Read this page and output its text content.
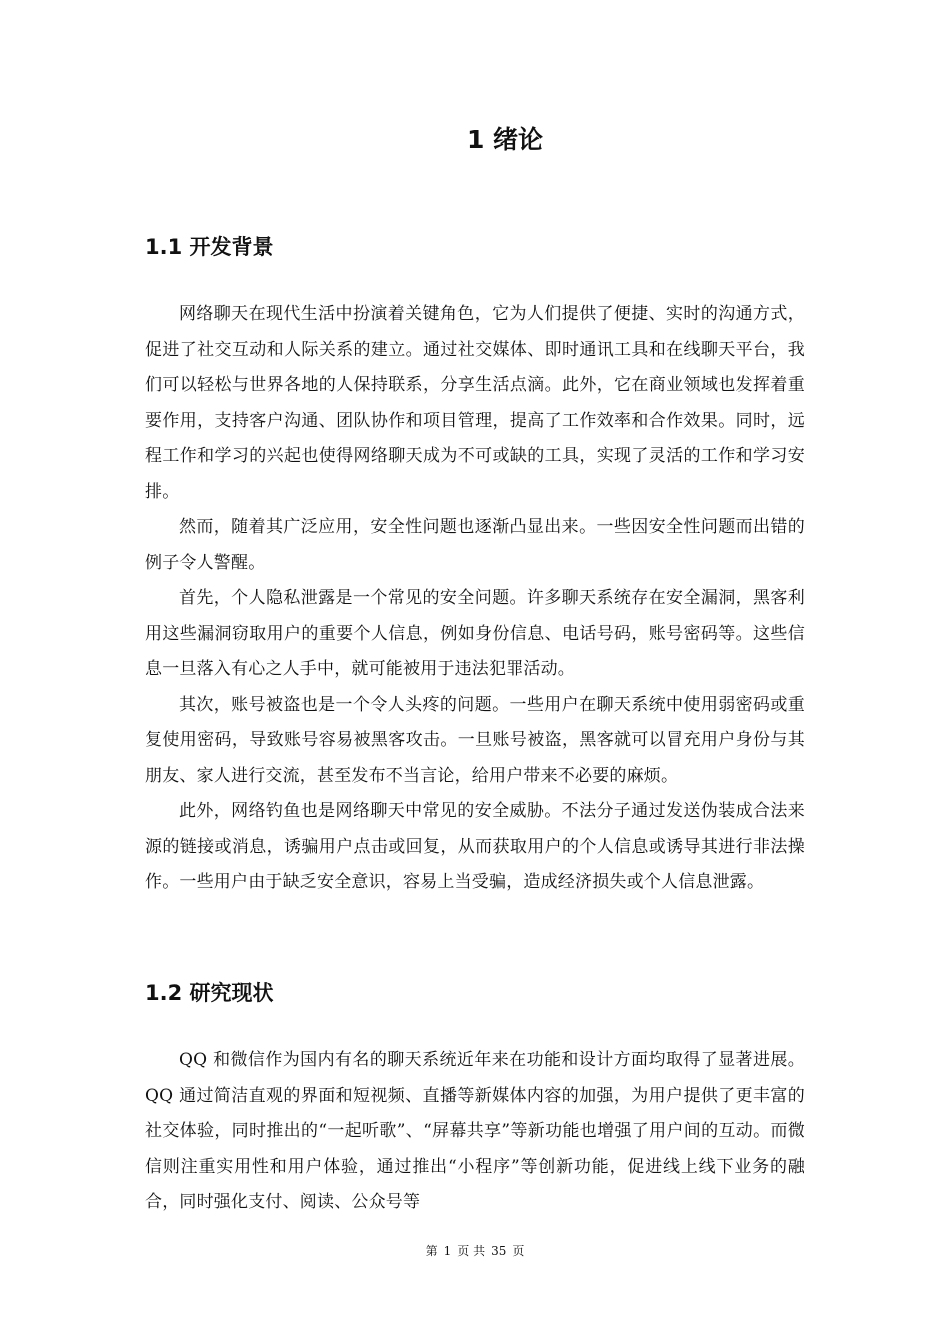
1 绪论
1.1 开发背景

网络聊天在现代生活中扮演着关键角色，它为人们提供了便捷、实时的沟通方式，促进了社交互动和人际关系的建立。通过社交媒体、即时通讯工具和在线聊天平台，我们可以轻松与世界各地的人保持联系，分享生活点滴。此外，它在商业领域也发挥着重要作用，支持客户沟通、团队协作和项目管理，提高了工作效率和合作效果。同时，远程工作和学习的兴起也使得网络聊天成为不可或缺的工具，实现了灵活的工作和学习安排。

然而，随着其广泛应用，安全性问题也逐渐凸显出来。一些因安全性问题而出错的例子令人警醒。

首先，个人隐私泄露是一个常见的安全问题。许多聊天系统存在安全漏洞，黑客利用这些漏洞窃取用户的重要个人信息，例如身份信息、电话号码，账号密码等。这些信息一旦落入有心之人手中，就可能被用于违法犯罪活动。

其次，账号被盗也是一个令人头疼的问题。一些用户在聊天系统中使用弱密码或重复使用密码，导致账号容易被黑客攻击。一旦账号被盗，黑客就可以冒充用户身份与其朋友、家人进行交流，甚至发布不当言论，给用户带来不必要的麻烦。

此外，网络钓鱼也是网络聊天中常见的安全威胁。不法分子通过发送伪装成合法来源的链接或消息，诱骗用户点击或回复，从而获取用户的个人信息或诱导其进行非法操作。一些用户由于缺乏安全意识，容易上当受骗，造成经济损失或个人信息泄露。

1.2 研究现状

QQ 和微信作为国内有名的聊天系统近年来在功能和设计方面均取得了显著进展。QQ 通过简洁直观的界面和短视频、直播等新媒体内容的加强，为用户提供了更丰富的社交体验，同时推出的“一起听歌”、“屏幕共享”等新功能也增强了用户间的互动。而微信则注重实用性和用户体验，通过推出“小程序”等创新功能，促进线上线下业务的融合，同时强化支付、阅读、公众号等

第 1 页 共 35 页
